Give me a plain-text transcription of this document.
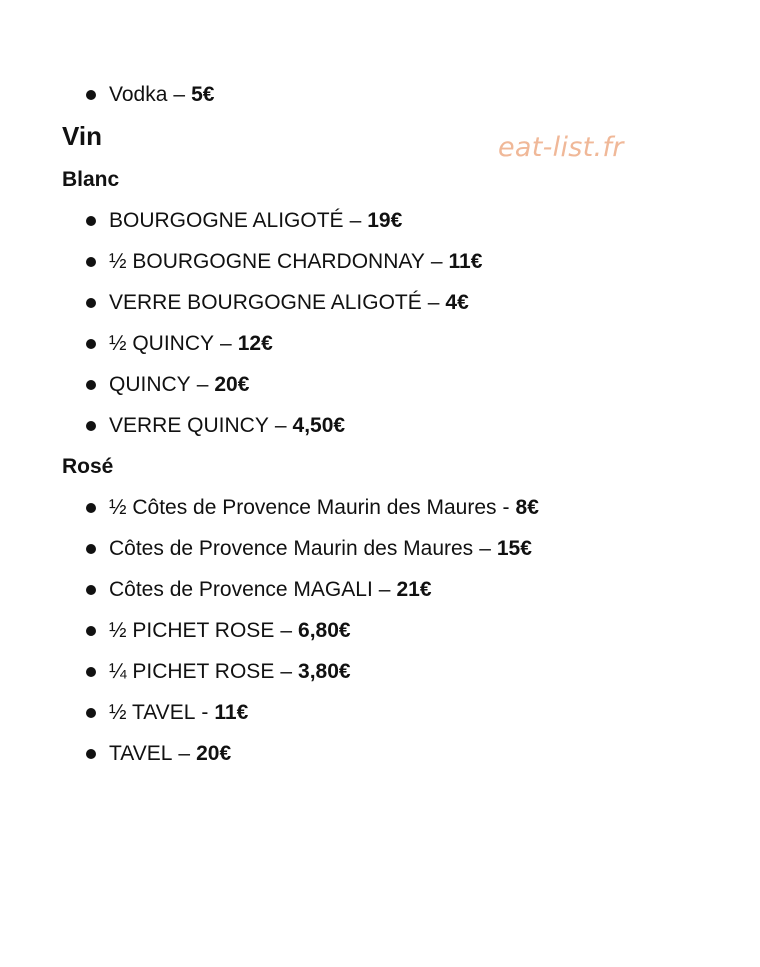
Vodka – 5€
Vin	eat-list.fr
Blanc
BOURGOGNE ALIGOTÉ – 19€
½ BOURGOGNE CHARDONNAY – 11€
VERRE BOURGOGNE ALIGOTÉ – 4€
½ QUINCY – 12€
QUINCY – 20€
VERRE QUINCY – 4,50€
Rosé
½ Côtes de Provence Maurin des Maures - 8€
Côtes de Provence Maurin des Maures – 15€
Côtes de Provence MAGALI – 21€
½ PICHET ROSE – 6,80€
¼ PICHET ROSE – 3,80€
½ TAVEL - 11€
TAVEL – 20€
